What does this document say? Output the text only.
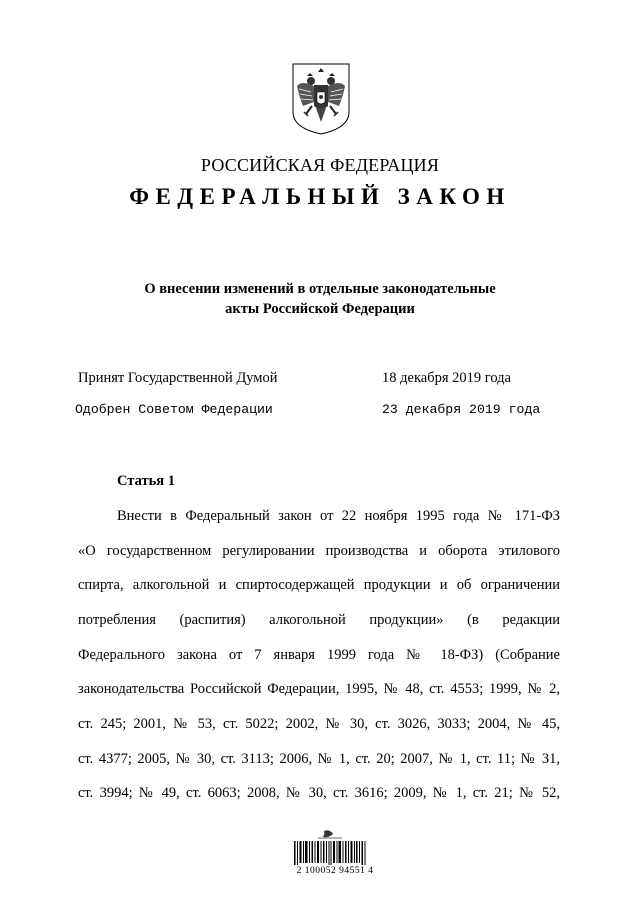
РОССИЙСКАЯ ФЕДЕРАЦИЯ
ФЕДЕРАЛЬНЫЙ ЗАКОН
О внесении изменений в отдельные законодательные
акты Российской Федерации
Принят Государственной Думой	18 декабря 2019 года
Одобрен Советом Федерации	23 декабря 2019 года
Статья 1
Внести в Федеральный закон от 22 ноября 1995 года № 171-ФЗ
«О государственном регулировании производства и оборота этилового
спирта, алкогольной и спиртосодержащей продукции и об ограничении
потребления (распития) алкогольной продукции» (в редакции
Федерального закона от 7 января 1999 года № 18-ФЗ) (Собрание
законодательства Российской Федерации, 1995, № 48, ст. 4553; 1999, № 2,
ст. 245; 2001, № 53, ст. 5022; 2002, № 30, ст. 3026, 3033; 2004, № 45,
ст. 4377; 2005, № 30, ст. 3113; 2006, № 1, ст. 20; 2007, № 1, ст. 11; № 31,
ст. 3994; № 49, ст. 6063; 2008, № 30, ст. 3616; 2009, № 1, ст. 21; № 52,
2 100052 94551 4
